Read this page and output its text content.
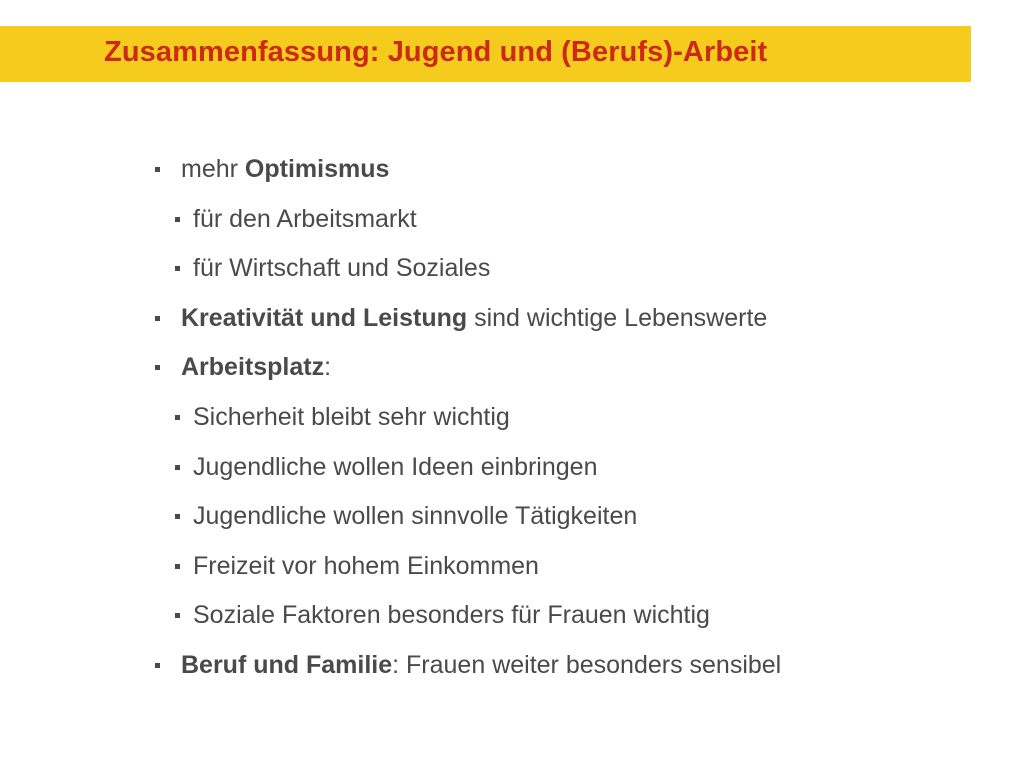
Zusammenfassung: Jugend und (Berufs)-Arbeit
mehr Optimismus
für den Arbeitsmarkt
für Wirtschaft und Soziales
Kreativität und Leistung sind wichtige Lebenswerte
Arbeitsplatz:
Sicherheit bleibt sehr wichtig
Jugendliche wollen Ideen einbringen
Jugendliche wollen sinnvolle Tätigkeiten
Freizeit vor hohem Einkommen
Soziale Faktoren besonders für Frauen wichtig
Beruf und Familie: Frauen weiter besonders sensibel
